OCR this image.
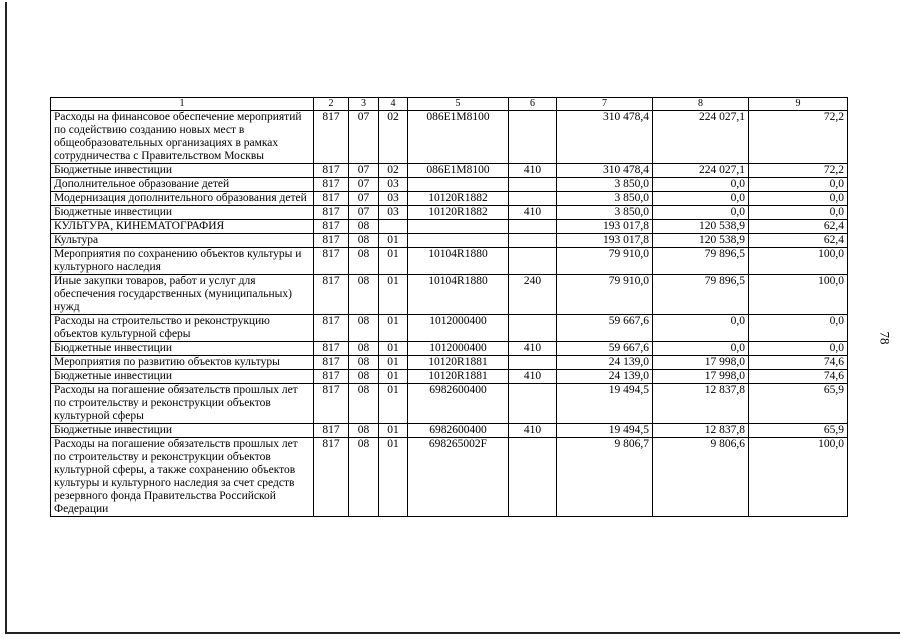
1	2	3	4	5	6	7	8	9
Расходы на финансовое обеспечение мероприятий по содействию созданию новых мест в общеобразовательных организациях в рамках сотрудничества с Правительством Москвы	817	07	02	086E1M8100		310 478,4	224 027,1	72,2
Бюджетные инвестиции	817	07	02	086E1M8100	410	310 478,4	224 027,1	72,2
Дополнительное образование детей	817	07	03			3 850,0	0,0	0,0
Модернизация дополнительного образования детей	817	07	03	10120R1882		3 850,0	0,0	0,0
Бюджетные инвестиции	817	07	03	10120R1882	410	3 850,0	0,0	0,0
КУЛЬТУРА, КИНЕМАТОГРАФИЯ	817	08				193 017,8	120 538,9	62,4
Культура	817	08	01			193 017,8	120 538,9	62,4
Мероприятия по сохранению объектов культуры и культурного наследия	817	08	01	10104R1880		79 910,0	79 896,5	100,0
Иные закупки товаров, работ и услуг для обеспечения государственных (муниципальных) нужд	817	08	01	10104R1880	240	79 910,0	79 896,5	100,0
Расходы на строительство и реконструкцию объектов культурной сферы	817	08	01	1012000400		59 667,6	0,0	0,0
Бюджетные инвестиции	817	08	01	1012000400	410	59 667,6	0,0	0,0
Мероприятия по развитию объектов культуры	817	08	01	10120R1881		24 139,0	17 998,0	74,6
Бюджетные инвестиции	817	08	01	10120R1881	410	24 139,0	17 998,0	74,6
Расходы на погашение обязательств прошлых лет по строительству и реконструкции объектов культурной сферы	817	08	01	6982600400		19 494,5	12 837,8	65,9
Бюджетные инвестиции	817	08	01	6982600400	410	19 494,5	12 837,8	65,9
Расходы на погашение обязательств прошлых лет по строительству и реконструкции объектов культурной сферы, а также сохранению объектов культуры и культурного наследия за счет средств резервного фонда Правительства Российской Федерации	817	08	01	698265002F		9 806,7	9 806,6	100,0
78
